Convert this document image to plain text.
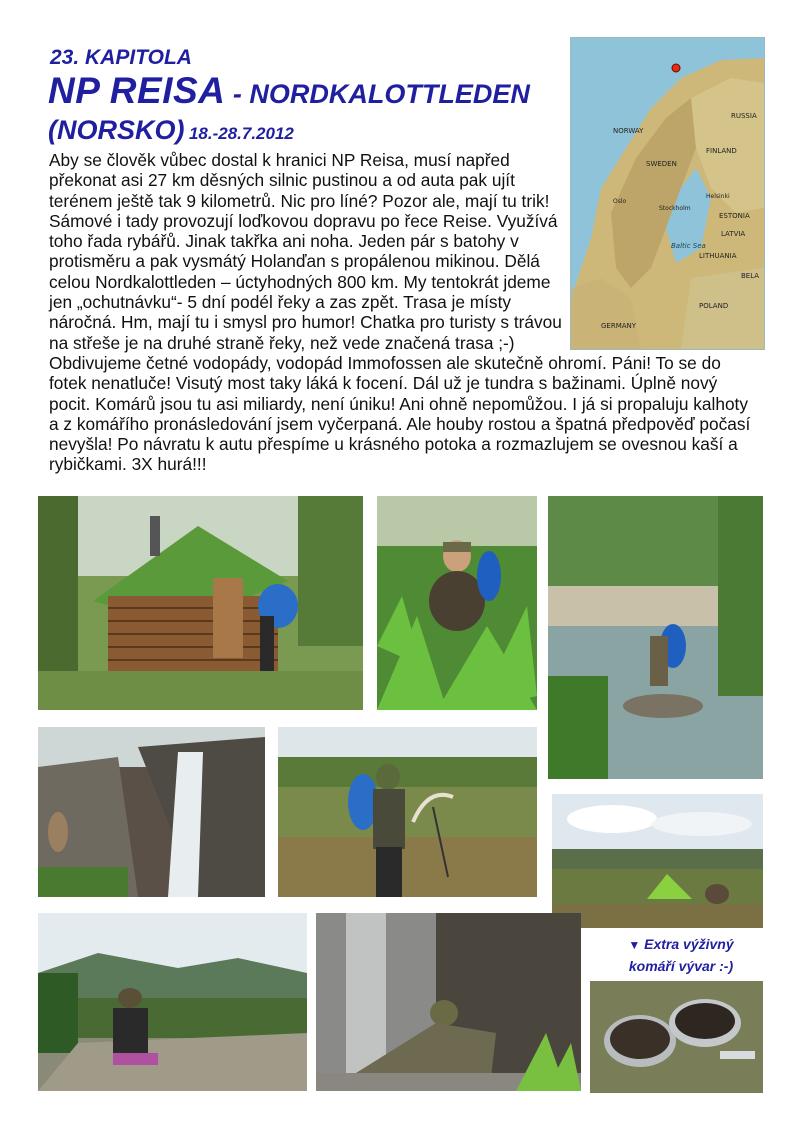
23. KAPITOLA
NP REISA - NORDKALOTTLEDEN
(NORSKO) 18.-28.7.2012
Aby se člověk vůbec dostal k hranici NP Reisa, musí napřed překonat asi 27 km děsných silnic pustinou a od auta pak ujít terénem ještě tak 9 kilometrů. Nic pro líné? Pozor ale, mají tu trik! Sámové i tady provozují loďkovou dopravu po řece Reise. Využívá toho řada rybářů. Jinak takřka ani noha. Jeden pár s batohy v protisměru a pak vysmátý Holanďan s propálenou mikinou. Dělá celou Nordkalottleden – úctyhodných 800 km. My tentokrát jdeme jen „ochutnávku“- 5 dní podél řeky a zas zpět. Trasa je místy náročná. Hm, mají tu i smysl pro humor! Chatka pro turisty s trávou na střeše je na druhé straně řeky, než vede značená trasa ;-) Obdivujeme četné vodopády, vodopád Immofossen ale skutečně ohromí. Páni! To se do fotek nenatluče! Visutý most taky láká k focení. Dál už je tundra s bažinami. Úplně nový pocit. Komárů jsou tu asi miliardy, není úniku! Ani ohně nepomůžou. I já si propaluju kalhoty a z komářího pronásledování jsem vyčerpaná. Ale houby rostou a špatná předpověď počasí nevyšla! Po návratu k autu přespíme u krásného potoka a rozmazlujem se ovesnou kaší a rybičkami. 3X hurá!!!
NORWAY
SWEDEN
FINLAND
RUSSIA
ESTONIA
LATVIA
LITHUANIA
POLAND
GERMANY
Baltic Sea
BELA
Helsinki
Stockholm
Oslo
▼ Extra výživný
komáří vývar :-)
